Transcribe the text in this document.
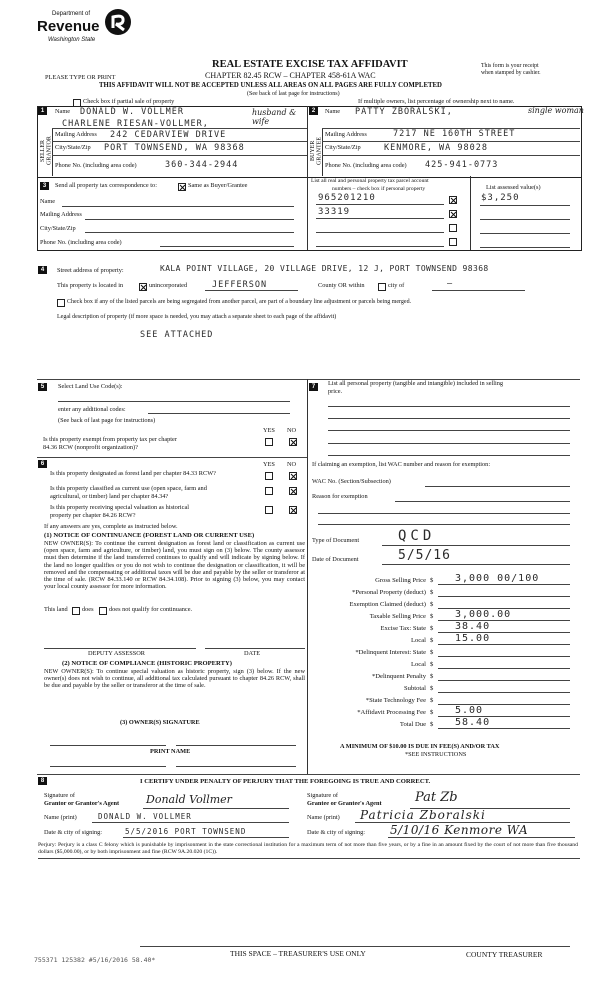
Department of
Revenue
Washington State
REAL ESTATE EXCISE TAX AFFIDAVIT
PLEASE TYPE OR PRINT	CHAPTER 82.45 RCW – CHAPTER 458-61A WAC
This form is your receipt
when stamped by cashier.
THIS AFFIDAVIT WILL NOT BE ACCEPTED UNLESS ALL AREAS ON ALL PAGES ARE FULLY COMPLETED
(See back of last page for instructions)
Check box if partial sale of property	If multiple owners, list percentage of ownership next to name.
1
SELLER GRANTOR
Name DONALD W. VOLLMER
CHARLENE RIESAN-VOLLMER,
husband & wife
Mailing Address 242 CEDARVIEW DRIVE
City/State/Zip PORT TOWNSEND, WA 98368
Phone No. (including area code)	360-344-2944
2
BUYER GRANTEE
Name PATTY ZBORALSKI,	single woman
Mailing Address	7217 NE 160TH STREET
City/State/Zip	KENMORE, WA 98028
Phone No. (including area code) 425-941-0773
3	Send all property tax correspondence to:	Same as Buyer/Grantee
Name
Mailing Address
City/State/Zip
Phone No. (including area code)
List all real and personal property tax parcel account
numbers – check box if personal property	List assessed value(s)
965201210	$3,250
33319
4	Street address of property:	KALA POINT VILLAGE, 20 VILLAGE DRIVE, 12 J, PORT TOWNSEND 98368
This property is located in	unincorporated	JEFFERSON	County OR within	city of	—
Check box if any of the listed parcels are being segregated from another parcel, are part of a boundary line adjustment or parcels being merged.
Legal description of property (if more space is needed, you may attach a separate sheet to each page of the affidavit)
SEE ATTACHED
5	Select Land Use Code(s):
enter any additional codes:
(See back of last page for instructions)
YES NO
Is this property exempt from property tax per chapter
84.36 RCW (nonprofit organization)?
6	YES NO
Is this property designated as forest land per chapter 84.33 RCW?
Is this property classified as current use (open space, farm and
agricultural, or timber) land per chapter 84.34?
Is this property receiving special valuation as historical
property per chapter 84.26 RCW?
If any answers are yes, complete as instructed below.
(1) NOTICE OF CONTINUANCE (FOREST LAND OR CURRENT USE)
NEW OWNER(S): To continue the current designation as forest land or classification as current use (open space, farm and agriculture, or timber) land, you must sign on (3) below. The county assessor must then determine if the land transferred continues to qualify and will indicate by signing below. If the land no longer qualifies or you do not wish to continue the designation or classification, it will be removed and the compensating or additional taxes will be due and payable by the seller or transferor at the time of sale. (RCW 84.33.140 or RCW 84.34.108). Prior to signing (3) below, you may contact your local county assessor for more information.
This land does does not qualify for continuance.
DEPUTY ASSESSOR	DATE
(2) NOTICE OF COMPLIANCE (HISTORIC PROPERTY)
NEW OWNER(S): To continue special valuation as historic property, sign (3) below. If the new owner(s) does not wish to continue, all additional tax calculated pursuant to chapter 84.26 RCW, shall be due and payable by the seller or transferor at the time of sale.
(3) OWNER(S) SIGNATURE
PRINT NAME
7	List all personal property (tangible and intangible) included in selling
price.
If claiming an exemption, list WAC number and reason for exemption:
WAC No. (Section/Subsection)
Reason for exemption
Type of Document	QCD
Date of Document	5/5/16
Gross Selling Price $ 3,000 00/100
*Personal Property (deduct) $
Exemption Claimed (deduct) $
Taxable Selling Price $ 3,000.00
Excise Tax: State $ 38.40
Local $ 15.00
*Delinquent Interest: State $
Local $
*Delinquent Penalty $
Subtotal $
*State Technology Fee $
*Affidavit Processing Fee $ 5.00
Total Due $ 58.40
A MINIMUM OF $10.00 IS DUE IN FEE(S) AND/OR TAX
*SEE INSTRUCTIONS
8	I CERTIFY UNDER PENALTY OF PERJURY THAT THE FOREGOING IS TRUE AND CORRECT.
Signature of
Grantor or Grantor's Agent Donald Vollmer
Name (print)	DONALD W. VOLLMER
Date & city of signing:	5/5/2016 PORT TOWNSEND
Signature of
Grantee or Grantee's Agent	Pat Zb
Name (print) Patricia Zboralski
Date & city of signing: 5/10/16 Kenmore WA
Perjury: Perjury is a class C felony which is punishable by imprisonment in the state correctional institution for a maximum term of not more than five years, or by a fine in an amount fixed by the court of not more than five thousand dollars ($5,000.00), or by both imprisonment and fine (RCW 9A.20.020 (1C)).
755371 125382 #5/16/2016 58.40*
THIS SPACE – TREASURER'S USE ONLY	COUNTY TREASURER
